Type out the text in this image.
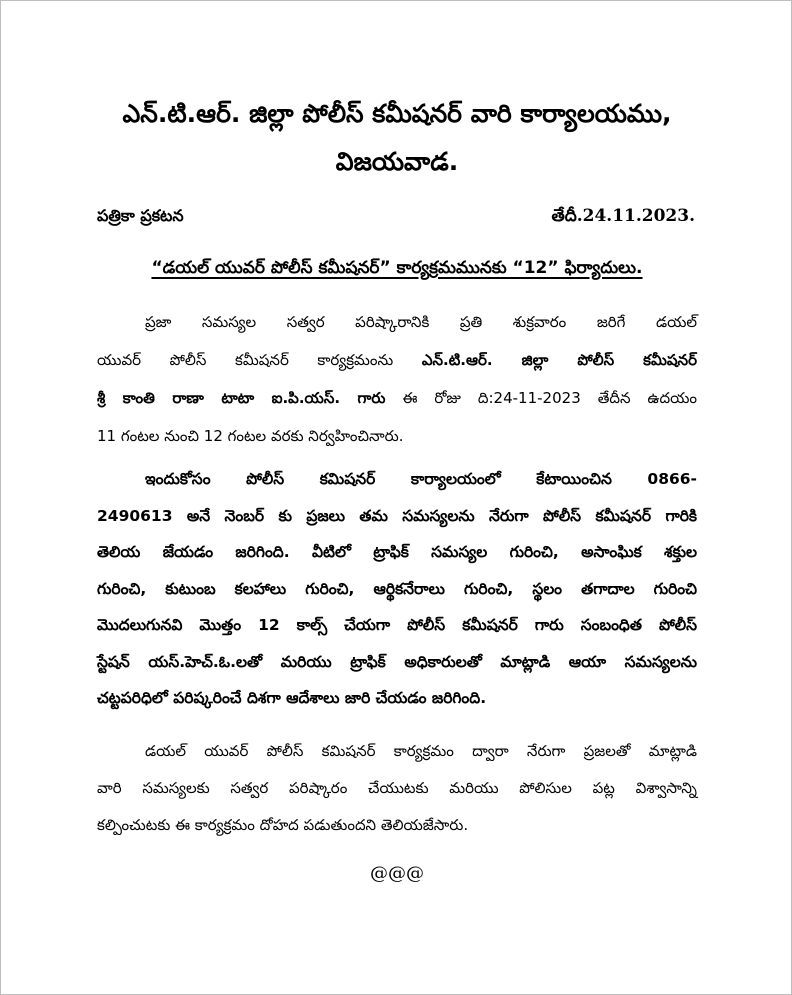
ఎన్.టి.ఆర్. జిల్లా పోలీస్ కమీషనర్ వారి కార్యాలయము,
విజయవాడ.
పత్రికా ప్రకటన	తేదీ.24.11.2023.
“డయల్ యువర్ పోలీస్ కమీషనర్” కార్యక్రమమునకు “12” ఫిర్యాదులు.
ప్రజా సమస్యల సత్వర పరిష్కారానికి ప్రతి శుక్రవారం జరిగే డయల్
యువర్ పోలీస్ కమీషనర్ కార్యక్రమంను ఎన్.టి.ఆర్. జిల్లా పోలీస్ కమీషనర్
శ్రీ కాంతి రాణా టాటా ఐ.పి.యస్. గారు ఈ రోజు ది:24-11-2023 తేదీన ఉదయం
11 గంటల నుంచి 12 గంటల వరకు నిర్వహించినారు.
ఇందుకోసం పోలీస్ కమిషనర్ కార్యాలయంలో కేటాయించిన 0866-
2490613 అనే నెంబర్ కు ప్రజలు తమ సమస్యలను నేరుగా పోలీస్ కమీషనర్ గారికి
తెలియ జేయడం జరిగింది. వీటిలో ట్రాఫిక్ సమస్యల గురించి, అసాంఘిక శక్తుల
గురించి, కుటుంబ కలహాలు గురించి, ఆర్థికనేరాలు గురించి, స్థలం తగాదాల గురించి
మొదలుగునవి మొత్తం 12 కాల్స్ చేయగా పోలీస్ కమీషనర్ గారు సంబంధిత పోలీస్
స్టేషన్ యస్.హెచ్.ఓ.లతో మరియు ట్రాఫిక్ అధికారులతో మాట్లాడి ఆయా సమస్యలను
చట్టపరిధిలో పరిష్కరించే దిశగా ఆదేశాలు జారి చేయడం జరిగింది.
డయల్ యువర్ పోలీస్ కమిషనర్ కార్యక్రమం ద్వారా నేరుగా ప్రజలతో మాట్లాడి
వారి సమస్యలకు సత్వర పరిష్కారం చేయుటకు మరియు పోలిసుల పట్ల విశ్వాసాన్ని
కల్పించుటకు ఈ కార్యక్రమం దోహద పడుతుందని తెలియజేసారు.
@@@
